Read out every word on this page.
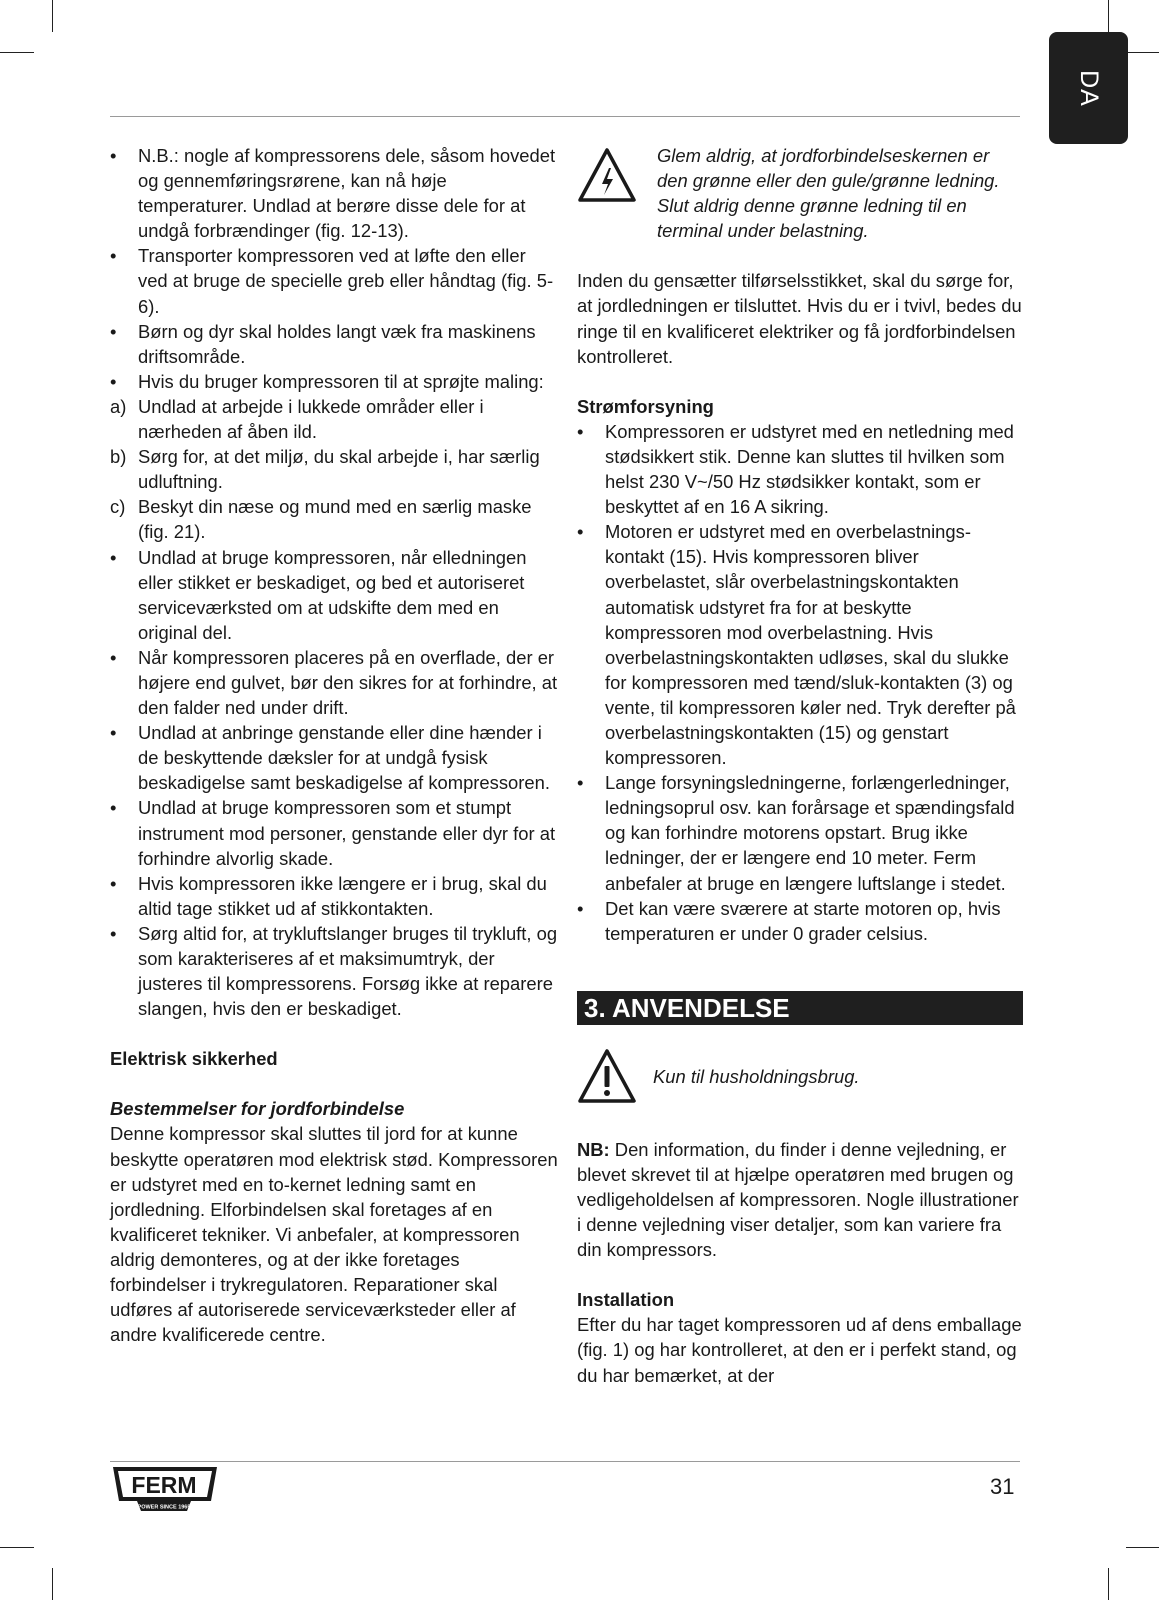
DA
•	N.B.: nogle af kompressorens dele, såsom hovedet og gennemføringsrørene, kan nå høje temperaturer. Undlad at berøre disse dele for at undgå forbrændinger (fig. 12-13).
•	Transporter kompressoren ved at løfte den eller ved at bruge de specielle greb eller håndtag (fig. 5-6).
•	Børn og dyr skal holdes langt væk fra maskinens driftsområde.
•	Hvis du bruger kompressoren til at sprøjte maling:
a) Undlad at arbejde i lukkede områder eller i nærheden af åben ild.
b) Sørg for, at det miljø, du skal arbejde i, har særlig udluftning.
c) Beskyt din næse og mund med en særlig maske (fig. 21).
•	Undlad at bruge kompressoren, når elledningen eller stikket er beskadiget, og bed et autoriseret serviceværksted om at udskifte dem med en original del.
•	Når kompressoren placeres på en overflade, der er højere end gulvet, bør den sikres for at forhindre, at den falder ned under drift.
•	Undlad at anbringe genstande eller dine hænder i de beskyttende dæksler for at undgå fysisk beskadigelse samt beskadigelse af kompressoren.
•	Undlad at bruge kompressoren som et stumpt instrument mod personer, genstande eller dyr for at forhindre alvorlig skade.
•	Hvis kompressoren ikke længere er i brug, skal du altid tage stikket ud af stikkontakten.
•	Sørg altid for, at trykluftslanger bruges til trykluft, og som karakteriseres af et maksimumtryk, der justeres til kompressorens. Forsøg ikke at reparere slangen, hvis den er beskadiget.
Elektrisk sikkerhed
Bestemmelser for jordforbindelse
Denne kompressor skal sluttes til jord for at kunne beskytte operatøren mod elektrisk stød. Kompressoren er udstyret med en to-kernet ledning samt en jordledning. Elforbindelsen skal foretages af en kvalificeret tekniker. Vi anbefaler, at kompressoren aldrig demonteres, og at der ikke foretages forbindelser i trykregulatoren. Reparationer skal udføres af autoriserede serviceværksteder eller af andre kvalificerede centre.
Glem aldrig, at jordforbindelseskernen er den grønne eller den gule/grønne ledning. Slut aldrig denne grønne ledning til en terminal under belastning.
Inden du gensætter tilførselsstikket, skal du sørge for, at jordledningen er tilsluttet. Hvis du er i tvivl, bedes du ringe til en kvalificeret elektriker og få jordforbindelsen kontrolleret.
Strømforsyning
•	Kompressoren er udstyret med en netledning med stødsikkert stik. Denne kan sluttes til hvilken som helst 230 V~/50 Hz stødsikker kontakt, som er beskyttet af en 16 A sikring.
•	Motoren er udstyret med en overbelastningskontakt (15). Hvis kompressoren bliver overbelastet, slår overbelastningskontakten automatisk udstyret fra for at beskytte kompressoren mod overbelastning. Hvis overbelastningskontakten udløses, skal du slukke for kompressoren med tænd/sluk-kontakten (3) og vente, til kompressoren køler ned. Tryk derefter på overbelastningskontakten (15) og genstart kompressoren.
•	Lange forsyningsledningerne, forlængerledninger, ledningsoprul osv. kan forårsage et spændingsfald og kan forhindre motorens opstart. Brug ikke ledninger, der er længere end 10 meter. Ferm anbefaler at bruge en længere luftslange i stedet.
•	Det kan være sværere at starte motoren op, hvis temperaturen er under 0 grader celsius.
3. ANVENDELSE
Kun til husholdningsbrug.
NB: Den information, du finder i denne vejledning, er blevet skrevet til at hjælpe operatøren med brugen og vedligeholdelsen af kompressoren. Nogle illustrationer i denne vejledning viser detaljer, som kan variere fra din kompressors.
Installation
Efter du har taget kompressoren ud af dens emballage (fig. 1) og har kontrolleret, at den er i perfekt stand, og du har bemærket, at der
FERM
POWER SINCE 1965
31
